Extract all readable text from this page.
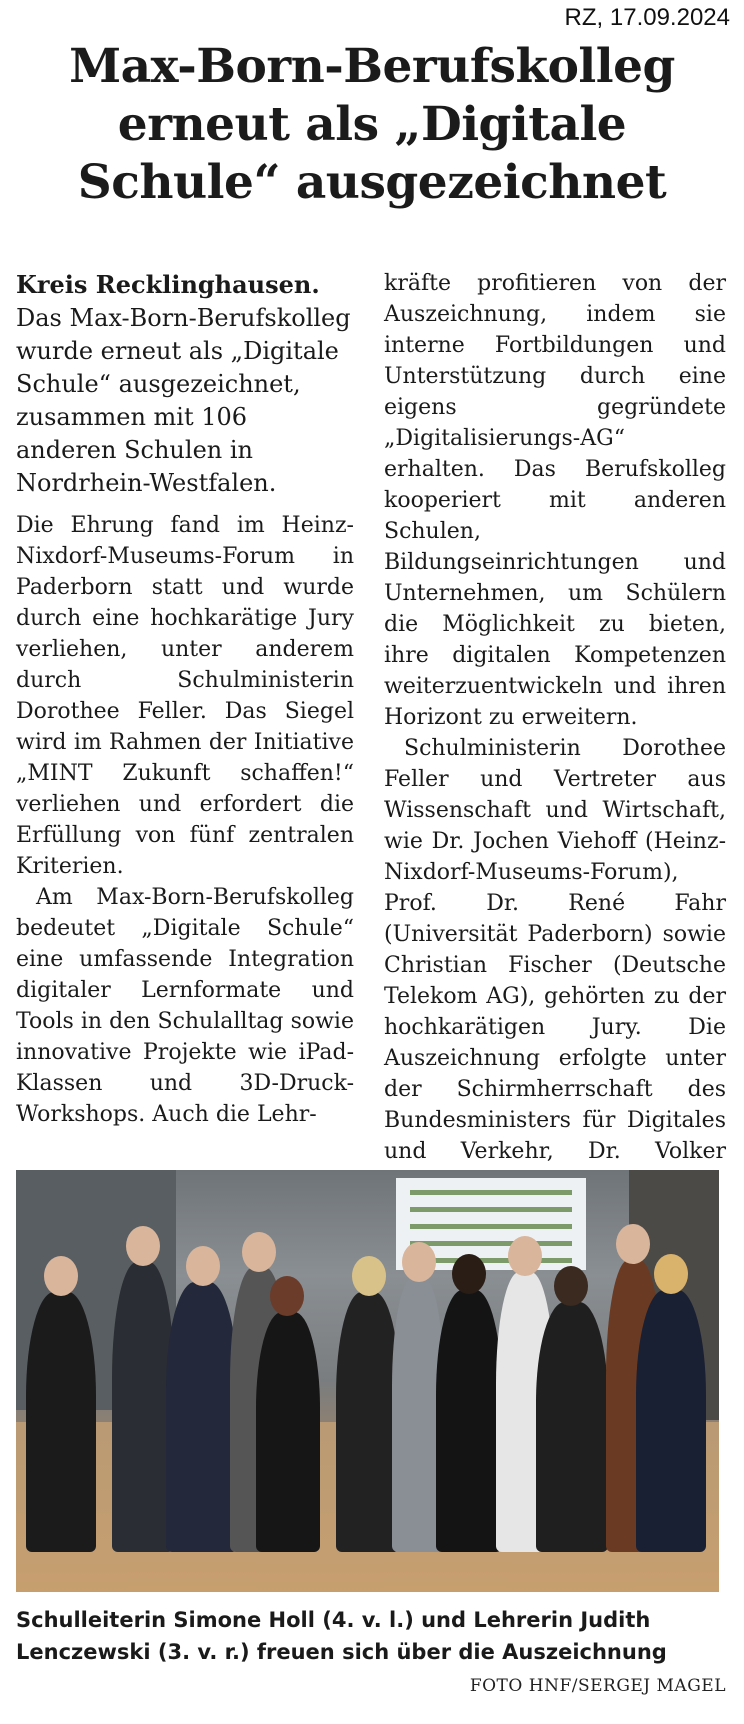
RZ, 17.09.2024
Max-Born-Berufskolleg
erneut als „Digitale
Schule“ ausgezeichnet

Kreis Recklinghausen. Das Max-Born-Berufskolleg wurde erneut als „Digitale Schule“ ausgezeichnet, zusammen mit 106 anderen Schulen in Nordrhein-Westfalen.

Die Ehrung fand im Heinz-Nixdorf-Museums-Forum in Paderborn statt und wurde durch eine hochkarätige Jury verliehen, unter anderem durch Schulministerin Dorothee Feller. Das Siegel wird im Rahmen der Initiative „MINT Zukunft schaffen!“ verliehen und erfordert die Erfüllung von fünf zentralen Kriterien.

Am Max-Born-Berufskolleg bedeutet „Digitale Schule“ eine umfassende Integration digitaler Lernformate und Tools in den Schulalltag sowie innovative Projekte wie iPad-Klassen und 3D-Druck-Workshops. Auch die Lehr-

kräfte profitieren von der Auszeichnung, indem sie interne Fortbildungen und Unterstützung durch eine eigens gegründete „Digitalisierungs-AG“ erhalten. Das Berufskolleg kooperiert mit anderen Schulen, Bildungseinrichtungen und Unternehmen, um Schülern die Möglichkeit zu bieten, ihre digitalen Kompetenzen weiterzuentwickeln und ihren Horizont zu erweitern.

Schulministerin Dorothee Feller und Vertreter aus Wissenschaft und Wirtschaft, wie Dr. Jochen Viehoff (Heinz-Nixdorf-Museums-Forum), Prof. Dr. René Fahr (Universität Paderborn) sowie Christian Fischer (Deutsche Telekom AG), gehörten zu der hochkarätigen Jury. Die Auszeichnung erfolgte unter der Schirmherrschaft des Bundesministers für Digitales und Verkehr, Dr. Volker

Schulleiterin Simone Holl (4. v. l.) und Lehrerin Judith Lenczewski (3. v. r.) freuen sich über die Auszeichnung
FOTO HNF/SERGEJ MAGEL
